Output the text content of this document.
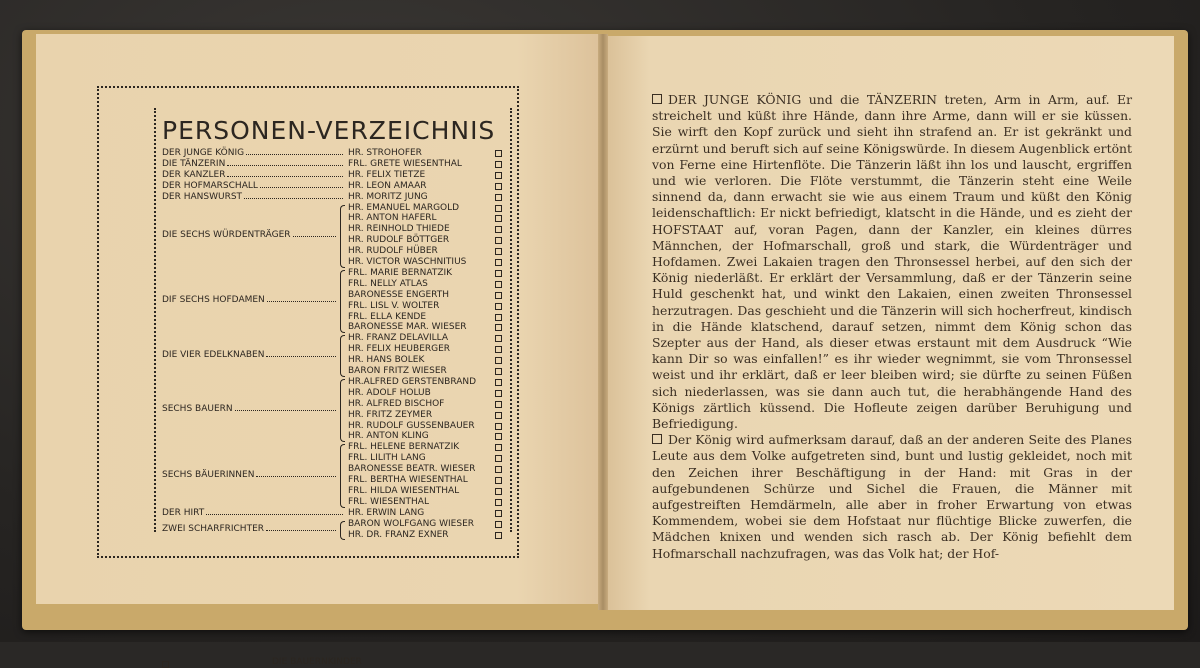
PERSONEN-VERZEICHNIS
DIE BAUERNKINDER
HR. STROHOFER
DER JUNGE KÖNIG
FRL. GRETE WIESENTHAL
DIE TÄNZERIN
HR. FELIX TIETZE
DER KANZLER
HR. LEON AMAAR
DER HOFMARSCHALL
HR. MORITZ JUNG
DER HANSWURST
HR. EMANUEL MARGOLD
HR. ANTON HAFERL
HR. REINHOLD THIEDE
HR. RUDOLF BÖTTGER
HR. RUDOLF HÜBER
HR. VICTOR WASCHNITIUS
DIE SECHS WÜRDENTRÄGER
FRL. MARIE BERNATZIK
FRL. NELLY ATLAS
BARONESSE ENGERTH
FRL. LISL V. WOLTER
FRL. ELLA KENDE
BARONESSE MAR. WIESER
DIF SECHS HOFDAMEN
HR. FRANZ DELAVILLA
HR. FELIX HEUBERGER
HR. HANS BOLEK
BARON FRITZ WIESER
DIE VIER EDELKNABEN
HR.ALFRED GERSTENBRAND
HR. ADOLF HOLUB
HR. ALFRED BISCHOF
HR. FRITZ ZEYMER
HR. RUDOLF GUSSENBAUER
HR. ANTON KLING
SECHS BAUERN
FRL. HELENE BERNATZIK
FRL. LILITH LANG
BARONESSE BEATR. WIESER
FRL. BERTHA WIESENTHAL
FRL. HILDA WIESENTHAL
FRL. WIESENTHAL
SECHS BÄUERINNEN
HR. ERWIN LANG
DER HIRT
BARON WOLFGANG WIESER
HR. DR. FRANZ EXNER
ZWEI SCHARFRICHTER

DER JUNGE KÖNIG und die TÄNZERIN treten, Arm in Arm, auf. Er streichelt und küßt ihre Hände, dann ihre Arme, dann will er sie küssen. Sie wirft den Kopf zurück und sieht ihn strafend an. Er ist gekränkt und erzürnt und beruft sich auf seine Königswürde. In diesem Augenblick ertönt von Ferne eine Hirtenflöte. Die Tänzerin läßt ihn los und lauscht, ergriffen und wie verloren. Die Flöte verstummt, die Tänzerin steht eine Weile sinnend da, dann erwacht sie wie aus einem Traum und küßt den König leidenschaftlich: Er nickt befriedigt, klatscht in die Hände, und es zieht der HOFSTAAT auf, voran Pagen, dann der Kanzler, ein kleines dürres Männchen, der Hofmarschall, groß und stark, die Würdenträger und Hofdamen. Zwei Lakaien tragen den Thronsessel herbei, auf den sich der König niederläßt. Er erklärt der Versammlung, daß er der Tänzerin seine Huld geschenkt hat, und winkt den Lakaien, einen zweiten Thronsessel herzutragen. Das geschieht und die Tänzerin will sich hocherfreut, kindisch in die Hände klatschend, darauf setzen, nimmt dem König schon das Szepter aus der Hand, als dieser etwas erstaunt mit dem Ausdruck “Wie kann Dir so was einfallen!” es ihr wieder wegnimmt, sie vom Thronsessel weist und ihr erklärt, daß er leer bleiben wird; sie dürfte zu seinen Füßen sich niederlassen, was sie dann auch tut, die herabhängende Hand des Königs zärtlich küssend. Die Hofleute zeigen darüber Beruhigung und Befriedigung.

Der König wird aufmerksam darauf, daß an der anderen Seite des Planes Leute aus dem Volke aufgetreten sind, bunt und lustig gekleidet, noch mit den Zeichen ihrer Beschäftigung in der Hand: mit Gras in der aufgebundenen Schürze und Sichel die Frauen, die Männer mit aufgestreiften Hemdärmeln, alle aber in froher Erwartung von etwas Kommendem, wobei sie dem Hofstaat nur flüchtige Blicke zuwerfen, die Mädchen knixen und wenden sich rasch ab. Der König befiehlt dem Hofmarschall nachzufragen, was das Volk hat; der Hof-
